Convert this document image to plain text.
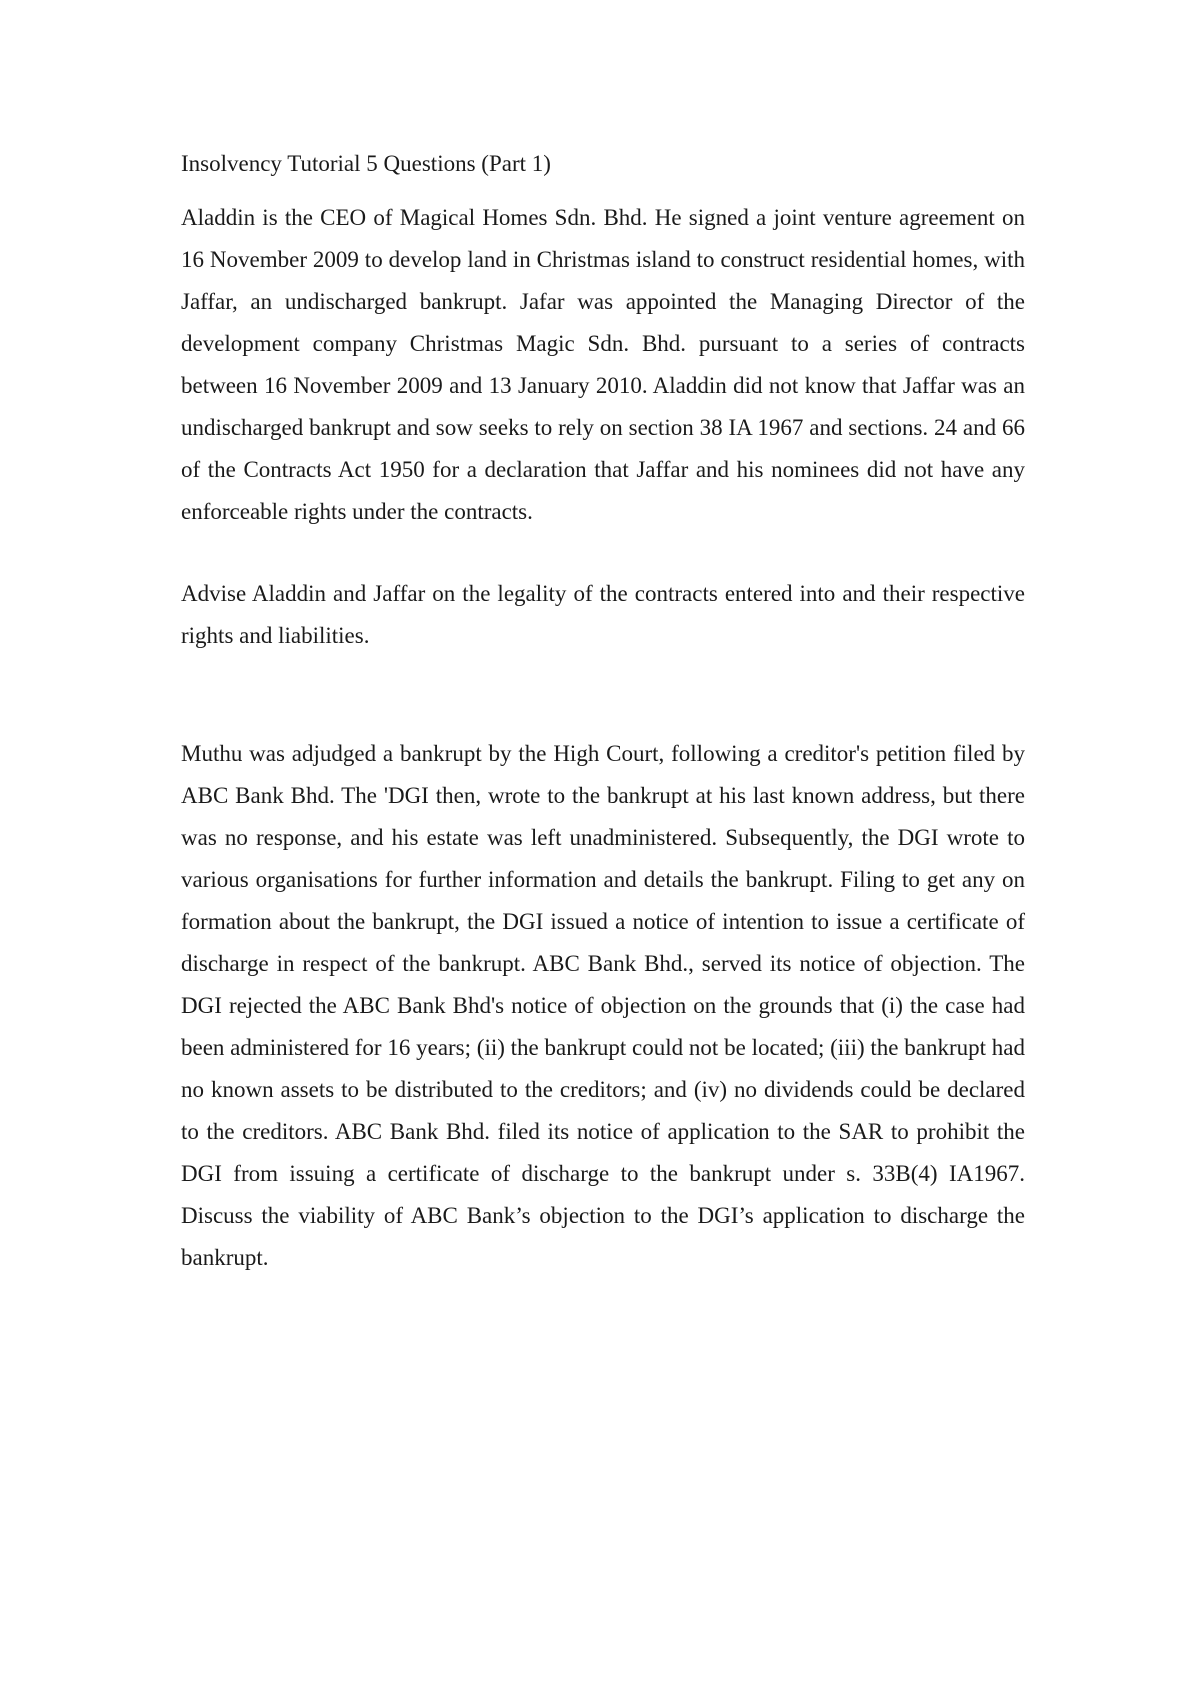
Insolvency Tutorial 5 Questions (Part 1)

Aladdin is the CEO of Magical Homes Sdn. Bhd. He signed a joint venture agreement on 16 November 2009 to develop land in Christmas island to construct residential homes, with Jaffar, an undischarged bankrupt. Jafar was appointed the Managing Director of the development company Christmas Magic Sdn. Bhd. pursuant to a series of contracts between 16 November 2009 and 13 January 2010. Aladdin did not know that Jaffar was an undischarged bankrupt and sow seeks to rely on section 38 IA 1967 and sections. 24 and 66 of the Contracts Act 1950 for a declaration that Jaffar and his nominees did not have any enforceable rights under the contracts.

Advise Aladdin and Jaffar on the legality of the contracts entered into and their respective rights and liabilities.

Muthu was adjudged a bankrupt by the High Court, following a creditor's petition filed by ABC Bank Bhd. The 'DGI then, wrote to the bankrupt at his last known address, but there was no response, and his estate was left unadministered. Subsequently, the DGI wrote to various organisations for further information and details the bankrupt. Filing to get any on formation about the bankrupt, the DGI issued a notice of intention to issue a certificate of discharge in respect of the bankrupt. ABC Bank Bhd., served its notice of objection. The DGI rejected the ABC Bank Bhd's notice of objection on the grounds that (i) the case had been administered for 16 years; (ii) the bankrupt could not be located; (iii) the bankrupt had no known assets to be distributed to the creditors; and (iv) no dividends could be declared to the creditors. ABC Bank Bhd. filed its notice of application to the SAR to prohibit the DGI from issuing a certificate of discharge to the bankrupt under s. 33B(4) IA1967. Discuss the viability of ABC Bank’s objection to the DGI’s application to discharge the bankrupt.
